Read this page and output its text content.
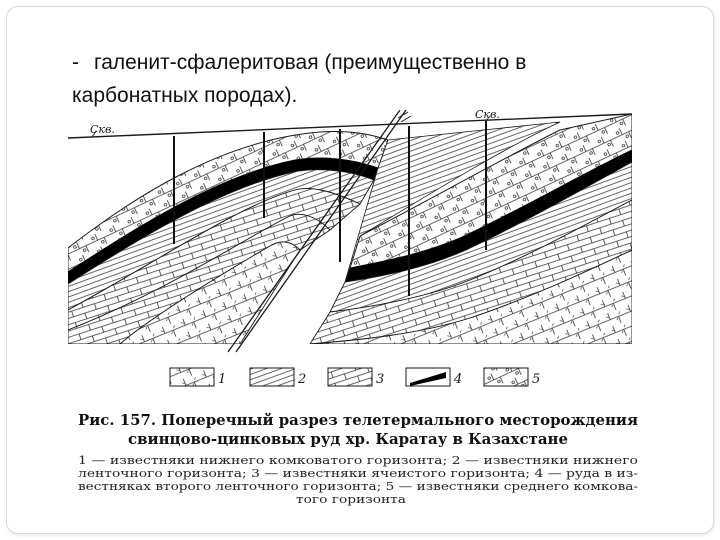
- галенит-сфалеритовая (преимущественно в
карбонатных породах).
Скв.
Скв.
1	2	3	4	5
Рис. 157. Поперечный разрез телетермального месторождения
свинцово-цинковых руд хр. Каратау в Казахстане
1 — известняки нижнего комковатого горизонта; 2 — известняки нижнего
ленточного горизонта; 3 — известняки ячеистого горизонта; 4 — руда в из-
вестняках второго ленточного горизонта; 5 — известняки среднего комкова-
того горизонта
